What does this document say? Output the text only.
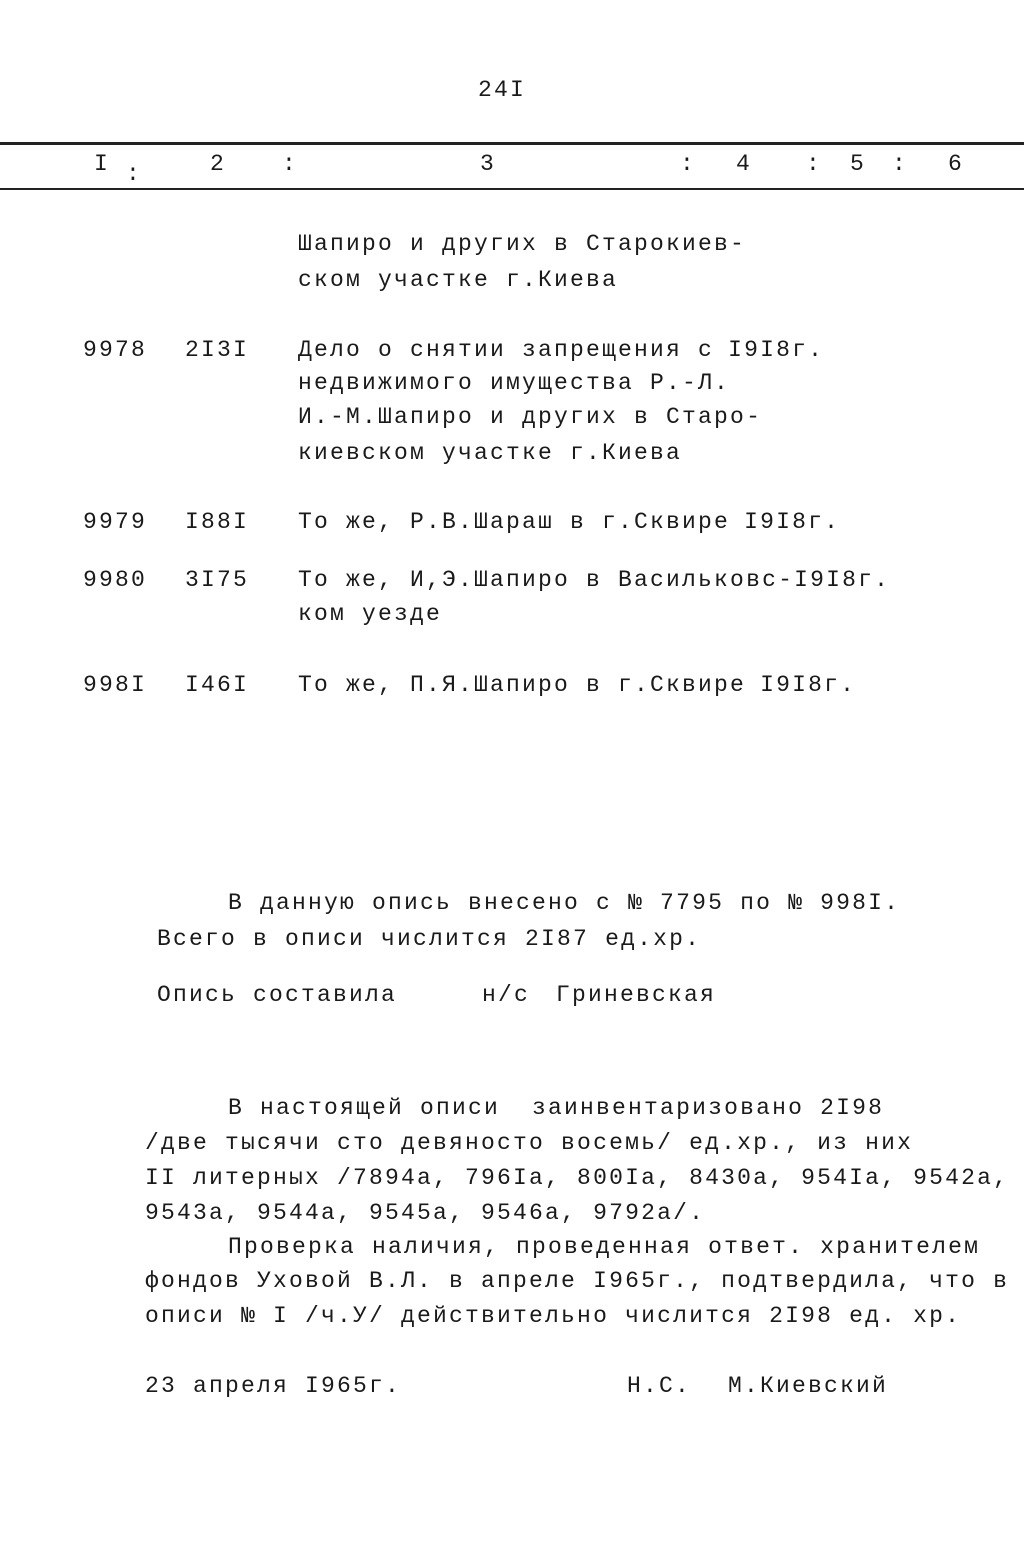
24I
I :	2 :	3	: 4 : 5 : 6
Шапиро и других в Старокиев-
ском участке г.Киева
9978 2I3I Дело о снятии запрещения с I9I8г.
недвижимого имущества Р.-Л.
И.-М.Шапиро и других в Старо-
киевском участке г.Киева
9979 I88I То же, Р.В.Шараш в г.Сквире I9I8г.
9980 3I75 То же, И,Э.Шапиро в Васильковс- I9I8г.
ком уезде
998I I46I То же, П.Я.Шапиро в г.Сквире I9I8г.
В данную опись внесено с № 7795 по № 998I.
Всего в описи числится 2I87 ед.хр.
Опись составила	н/с Гриневская
В настоящей описи  заинвентаризовано 2I98
/две тысячи сто девяносто восемь/ ед.хр., из них
II литерных /7894а, 796Iа, 800Iа, 8430а, 954Iа, 9542а,
9543а, 9544а, 9545а, 9546а, 9792а/.
Проверка наличия, проведенная ответ. хранителем
фондов Уховой В.Л. в апреле I965г., подтвердила, что в
описи № I /ч.У/ действительно числится 2I98 ед. хр.
23 апреля I965г.	Н.С. М.Киевский
